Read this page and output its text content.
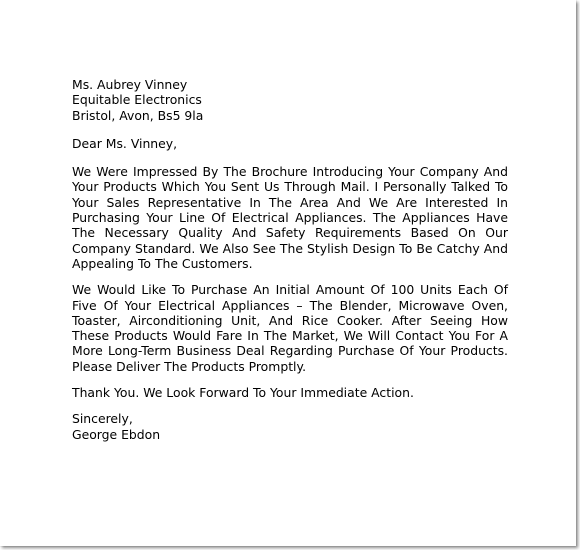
Ms. Aubrey Vinney
Equitable Electronics
Bristol, Avon, Bs5 9la
Dear Ms. Vinney,

We Were Impressed By The Brochure Introducing Your Company And Your Products Which You Sent Us Through Mail. I Personally Talked To Your Sales Representative In The Area And We Are Interested In Purchasing Your Line Of Electrical Appliances. The Appliances Have The Necessary Quality And Safety Requirements Based On Our Company Standard. We Also See The Stylish Design To Be Catchy And Appealing To The Customers.

We Would Like To Purchase An Initial Amount Of 100 Units Each Of Five Of Your Electrical Appliances – The Blender, Microwave Oven, Toaster, Airconditioning Unit, And Rice Cooker. After Seeing How These Products Would Fare In The Market, We Will Contact You For A More Long-Term Business Deal Regarding Purchase Of Your Products. Please Deliver The Products Promptly.

Thank You. We Look Forward To Your Immediate Action.

Sincerely,
George Ebdon
